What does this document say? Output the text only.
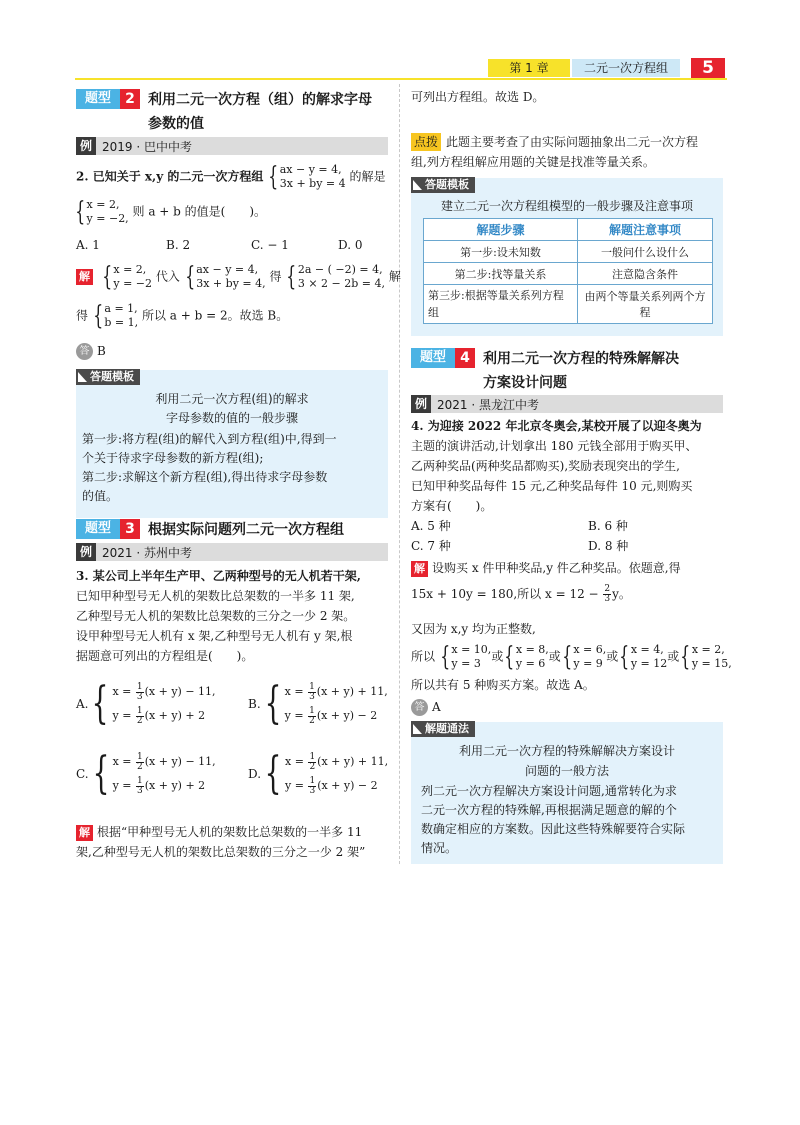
第 1 章	二元一次方程组	5
题型	2 利用二元一次方程（组）的解求字母
参数的值
例 2019 · 巴中中考
2. 已知关于 x,y 的二元一次方程组 { ax − y = 4,
3x + by = 4 的解是
{ x = 2,
y = −2, 则 a + b 的值是(　　)。
A. 1	B. 2	C. − 1	D. 0
解 { x = 2,
y = −2 代入 { ax − y = 4,
3x + by = 4, 得 { 2a − ( −2) = 4,
3 × 2 − 2b = 4, 解
得 { a = 1,
b = 1, 所以 a + b = 2。故选 B。
答 B
答题模板
利用二元一次方程(组)的解求
字母参数的值的一般步骤
第一步:将方程(组)的解代入到方程(组)中,得到一
个关于待求字母参数的新方程(组);
第二步:求解这个新方程(组),得出待求字母参数
的值。
题型	3 根据实际问题列二元一次方程组
例 2021 · 苏州中考
3. 某公司上半年生产甲、乙两种型号的无人机若干架,
已知甲种型号无人机的架数比总架数的一半多 11 架,
乙种型号无人机的架数比总架数的三分之一少 2 架。
设甲种型号无人机有 x 架,乙种型号无人机有 y 架,根
据题意可列出的方程组是(　　)。
A. { $x = \frac{1}{3} (x + y) - 11$,
$y = \frac{1}{2} (x + y) + 2$
B. { $x = \frac{1}{3} (x + y) + 11$,
$y = \frac{1}{2} (x + y) - 2$
C. { $x = \frac{1}{2} (x + y) - 11$,
$y = \frac{1}{3} (x + y) + 2$
D. { $x = \frac{1}{2} (x + y) + 11$,
$y = \frac{1}{3} (x + y) - 2$
解 根据“甲种型号无人机的架数比总架数的一半多 11
架,乙种型号无人机的架数比总架数的三分之一少 2 架”
可列出方程组。故选 D。
点拨 此题主要考查了由实际问题抽象出二元一次方程
组,列方程组解应用题的关键是找准等量关系。
答题模板
建立二元一次方程组模型的一般步骤及注意事项
解题步骤	解题注意事项
第一步:设未知数	一般问什么设什么
第二步:找等量关系	注意隐含条件
第三步:根据等量关系列方程组	由两个等量关系列两个方程
题型	4 利用二元一次方程的特殊解解决
方案设计问题
例 2021 · 黑龙江中考
4. 为迎接 2022 年北京冬奥会,某校开展了以迎冬奥为
主题的演讲活动,计划拿出 180 元钱全部用于购买甲、
乙两种奖品(两种奖品都购买),奖励表现突出的学生,
已知甲种奖品每件 15 元,乙种奖品每件 10 元,则购买
方案有(　　)。
A. 5 种	B. 6 种
C. 7 种	D. 8 种
解 设购买 x 件甲种奖品,y 件乙种奖品。依题意,得
15x + 10y = 180,所以 $x = 12 - \frac{2}{3}$ y。
又因为 x,y 均为正整数,
所以 { x = 10,
y = 3 或 { x = 8,
y = 6 或 { x = 6,
y = 9 或 { x = 4,
y = 12 或 { x = 2,
y = 15,
所以共有 5 种购买方案。故选 A。
答 A
解题通法
利用二元一次方程的特殊解解决方案设计
问题的一般方法
列二元一次方程解决方案设计问题,通常转化为求
二元一次方程的特殊解,再根据满足题意的解的个
数确定相应的方案数。因此这些特殊解要符合实际
情况。
